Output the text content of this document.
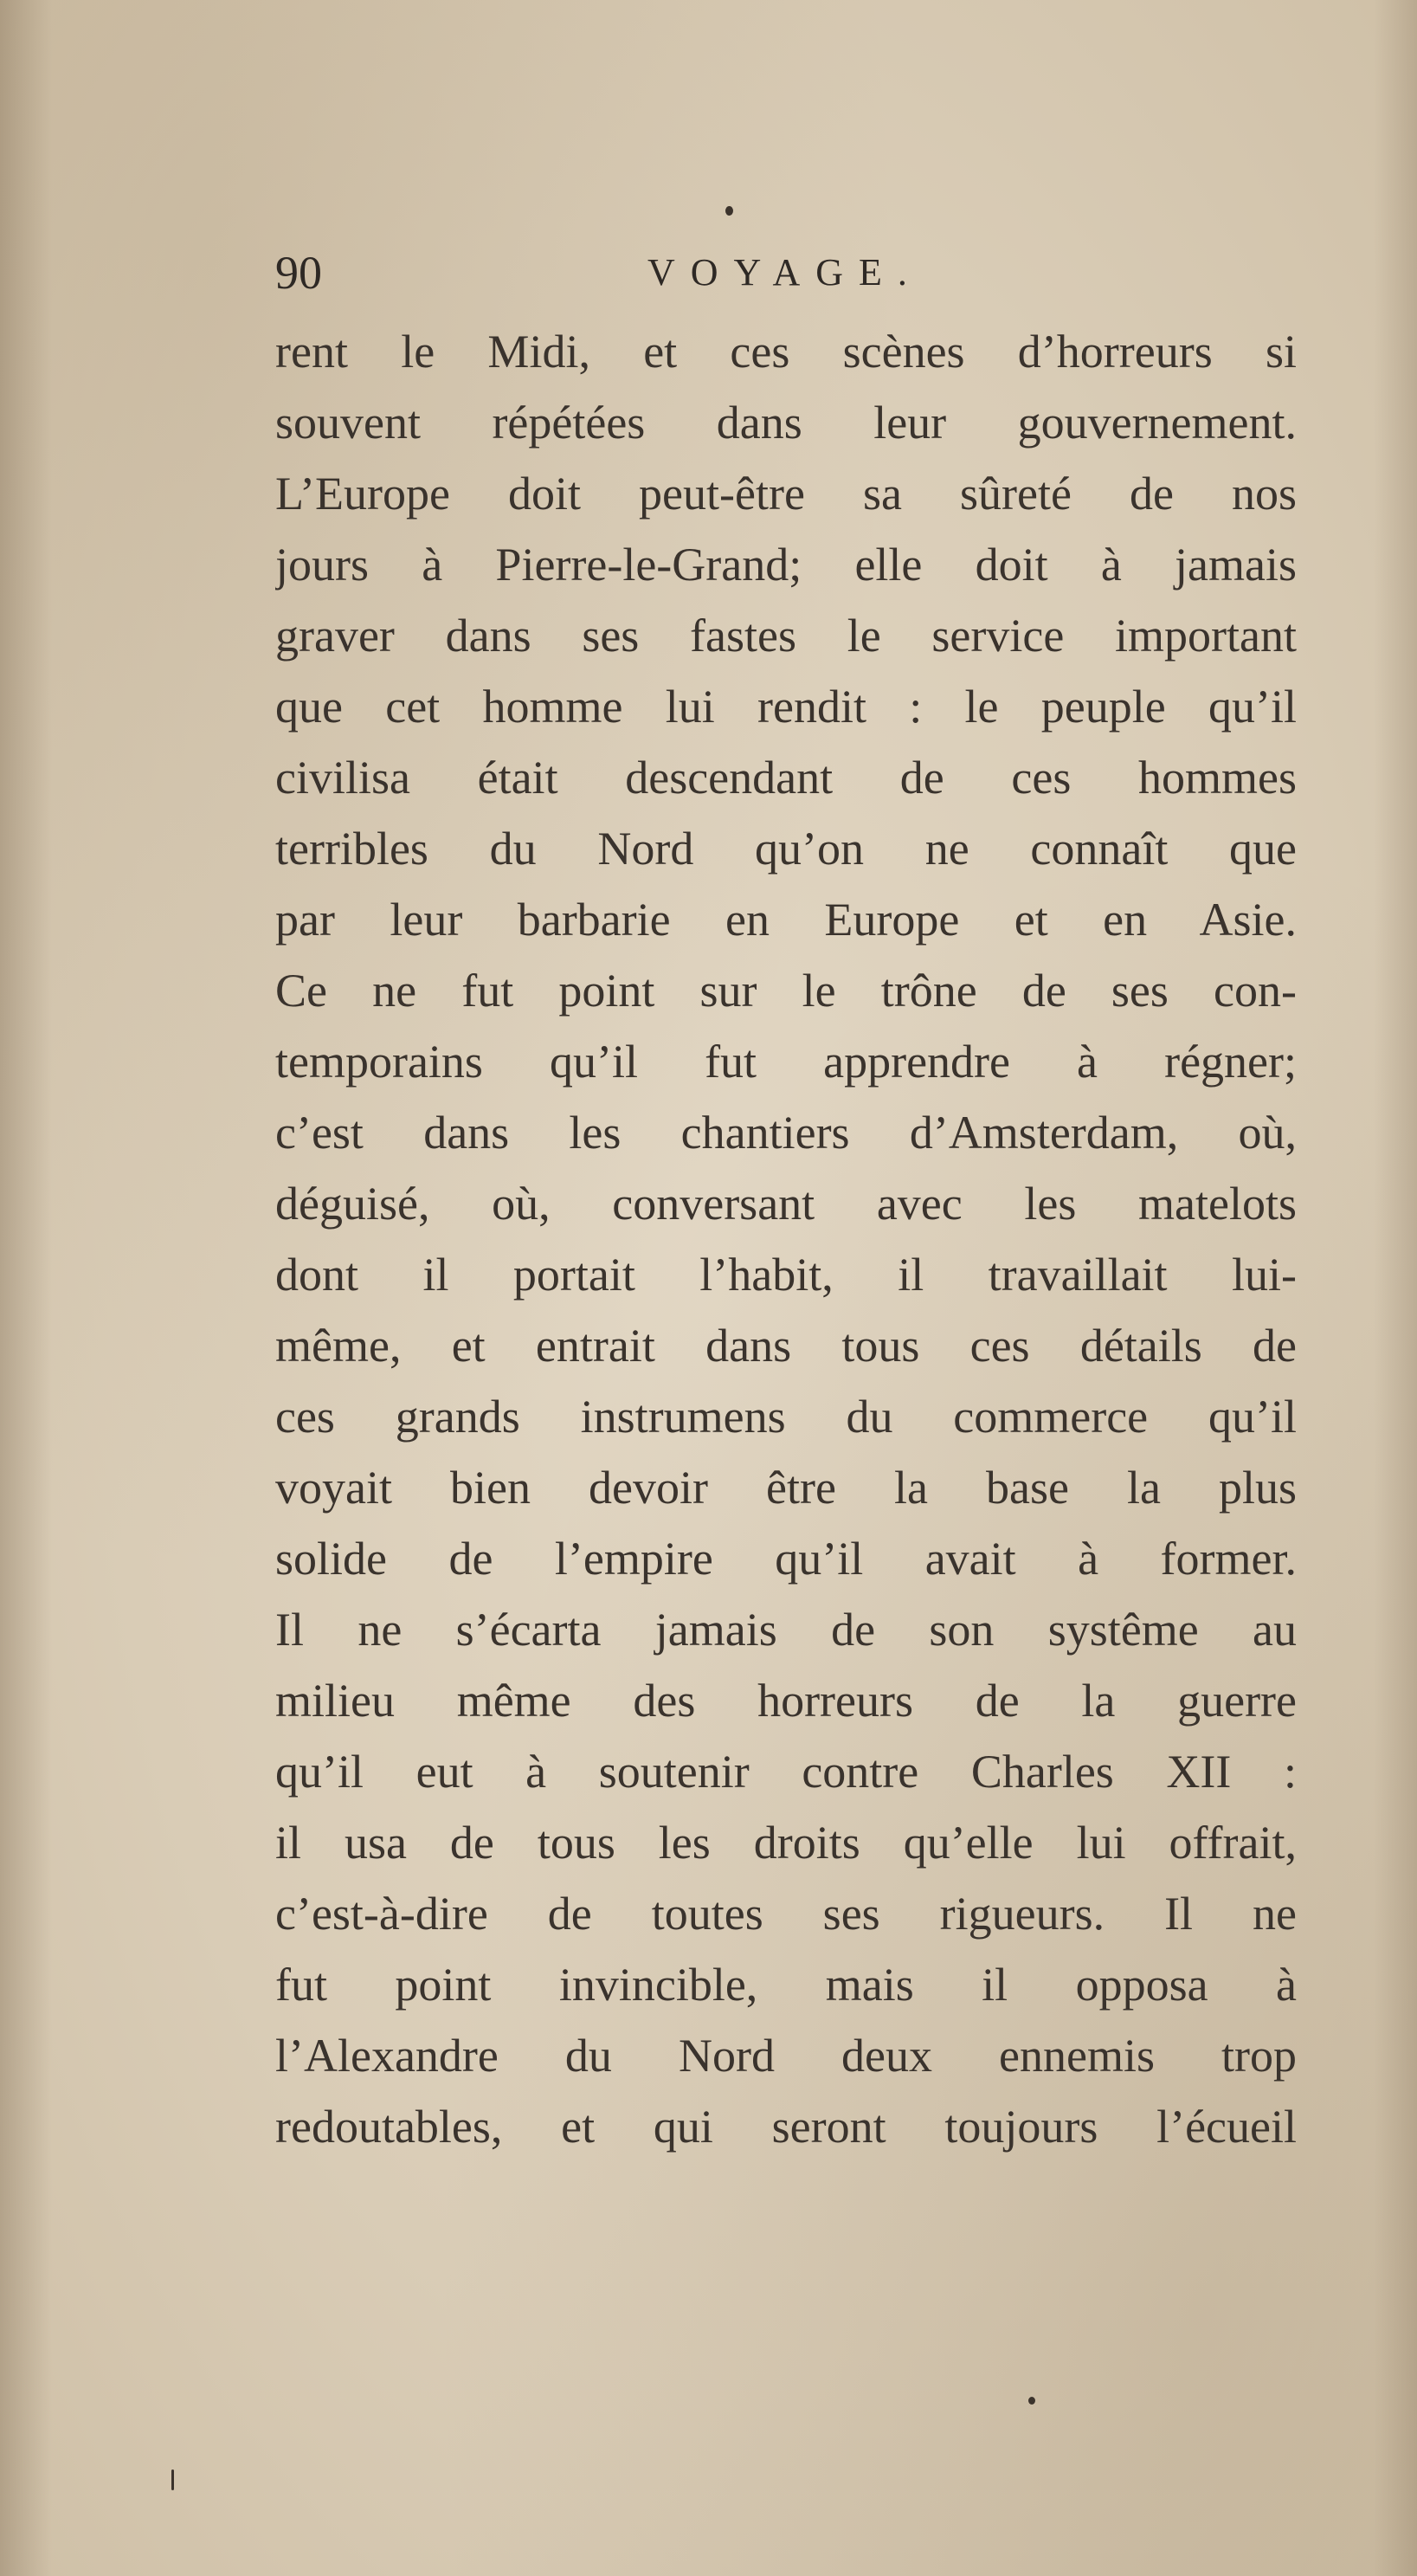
90	VOYAGE.
rent le Midi, et ces scènes d’horreurs si
souvent répétées dans leur gouvernement.
L’Europe doit peut-être sa sûreté de nos
jours à Pierre-le-Grand; elle doit à jamais
graver dans ses fastes le service important
que cet homme lui rendit : le peuple qu’il
civilisa était descendant de ces hommes
terribles du Nord qu’on ne connaît que
par leur barbarie en Europe et en Asie.
Ce ne fut point sur le trône de ses con-
temporains qu’il fut apprendre à régner;
c’est dans les chantiers d’Amsterdam, où,
déguisé, où, conversant avec les matelots
dont il portait l’habit, il travaillait lui-
même, et entrait dans tous ces détails de
ces grands instrumens du commerce qu’il
voyait bien devoir être la base la plus
solide de l’empire qu’il avait à former.
Il ne s’écarta jamais de son systême au
milieu même des horreurs de la guerre
qu’il eut à soutenir contre Charles XII :
il usa de tous les droits qu’elle lui offrait,
c’est-à-dire de toutes ses rigueurs. Il ne
fut point invincible, mais il opposa à
l’Alexandre du Nord deux ennemis trop
redoutables, et qui seront toujours l’écueil
